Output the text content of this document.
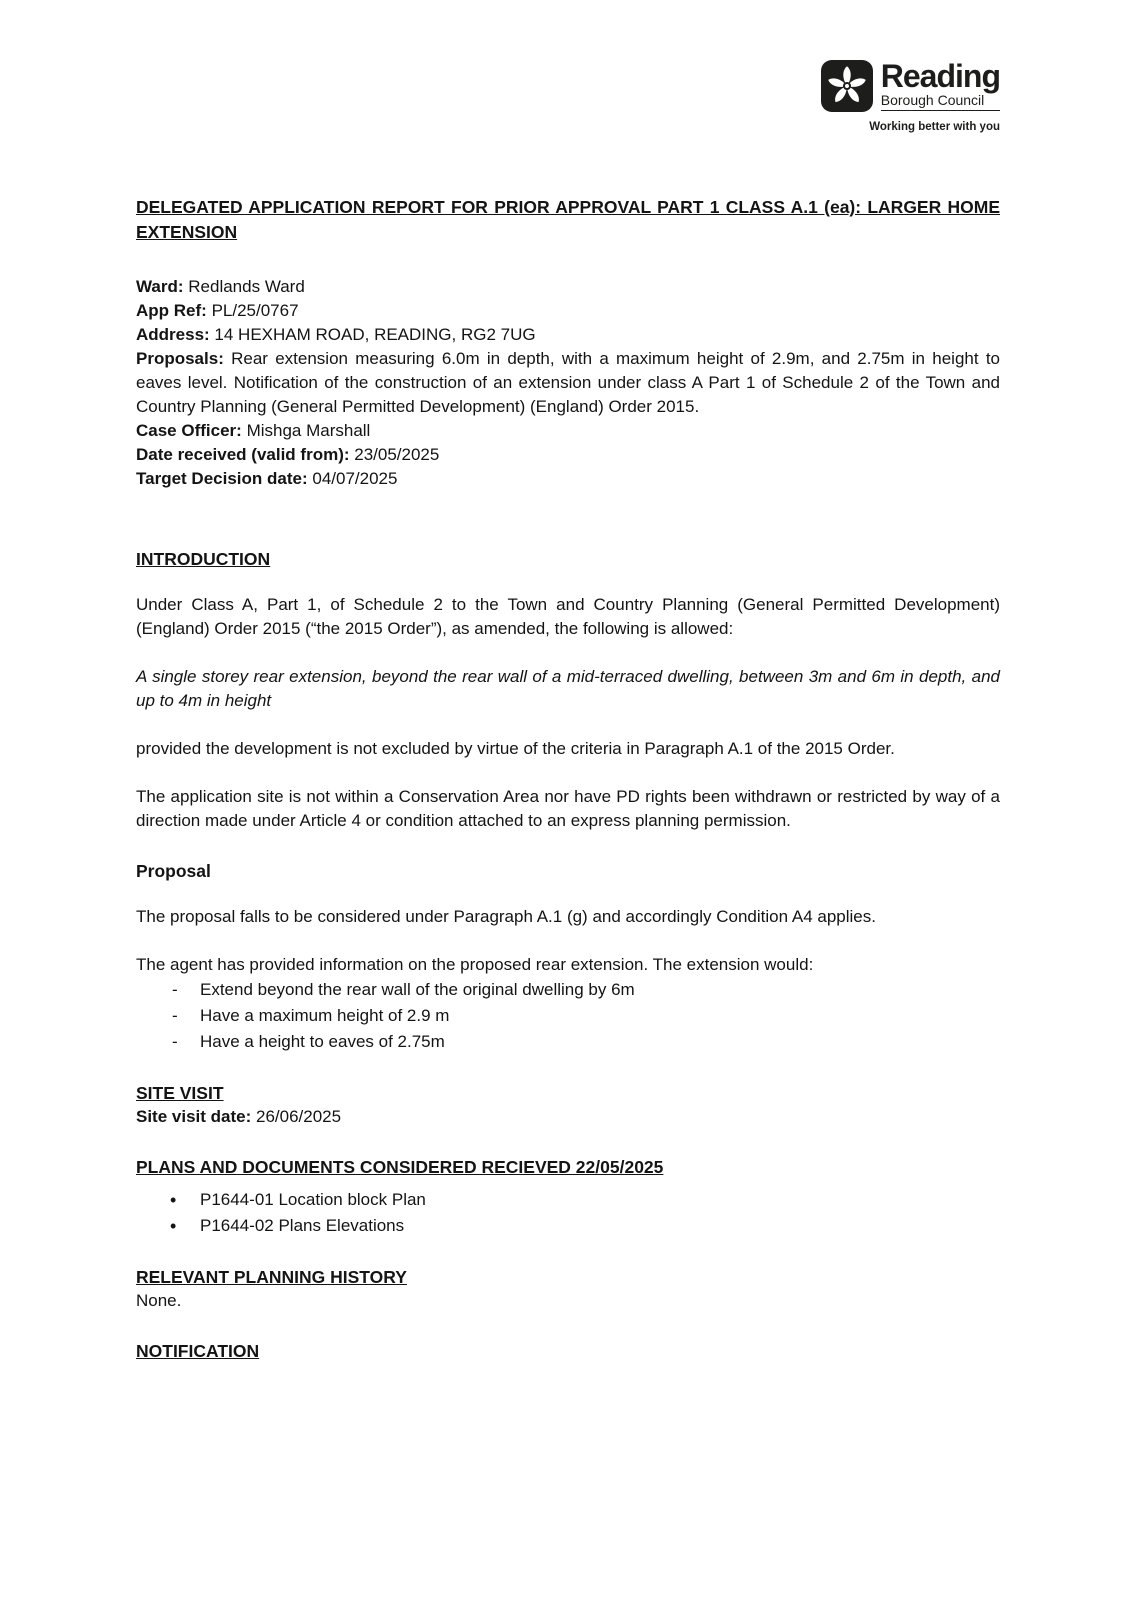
Reading
Borough Council
Working better with you
DELEGATED APPLICATION REPORT FOR PRIOR APPROVAL PART 1 CLASS A.1 (ea): LARGER HOME EXTENSION

Ward: Redlands Ward

App Ref: PL/25/0767

Address: 14 HEXHAM ROAD, READING, RG2 7UG

Proposals: Rear extension measuring 6.0m in depth, with a maximum height of 2.9m, and 2.75m in height to eaves level. Notification of the construction of an extension under class A Part 1 of Schedule 2 of the Town and Country Planning (General Permitted Development) (England) Order 2015.

Case Officer: Mishga Marshall

Date received (valid from): 23/05/2025

Target Decision date: 04/07/2025

INTRODUCTION

Under Class A, Part 1, of Schedule 2 to the Town and Country Planning (General Permitted Development) (England) Order 2015 (“the 2015 Order”), as amended, the following is allowed:

A single storey rear extension, beyond the rear wall of a mid-terraced dwelling, between 3m and 6m in depth, and up to 4m in height

provided the development is not excluded by virtue of the criteria in Paragraph A.1 of the 2015 Order.

The application site is not within a Conservation Area nor have PD rights been withdrawn or restricted by way of a direction made under Article 4 or condition attached to an express planning permission.

Proposal

The proposal falls to be considered under Paragraph A.1 (g) and accordingly Condition A4 applies.

The agent has provided information on the proposed rear extension. The extension would:

- Extend beyond the rear wall of the original dwelling by 6m
- Have a maximum height of 2.9 m
- Have a height to eaves of 2.75m
SITE VISIT

Site visit date: 26/06/2025

PLANS AND DOCUMENTS CONSIDERED RECIEVED 22/05/2025
• P1644-01 Location block Plan
• P1644-02 Plans Elevations
RELEVANT PLANNING HISTORY

None.

NOTIFICATION
